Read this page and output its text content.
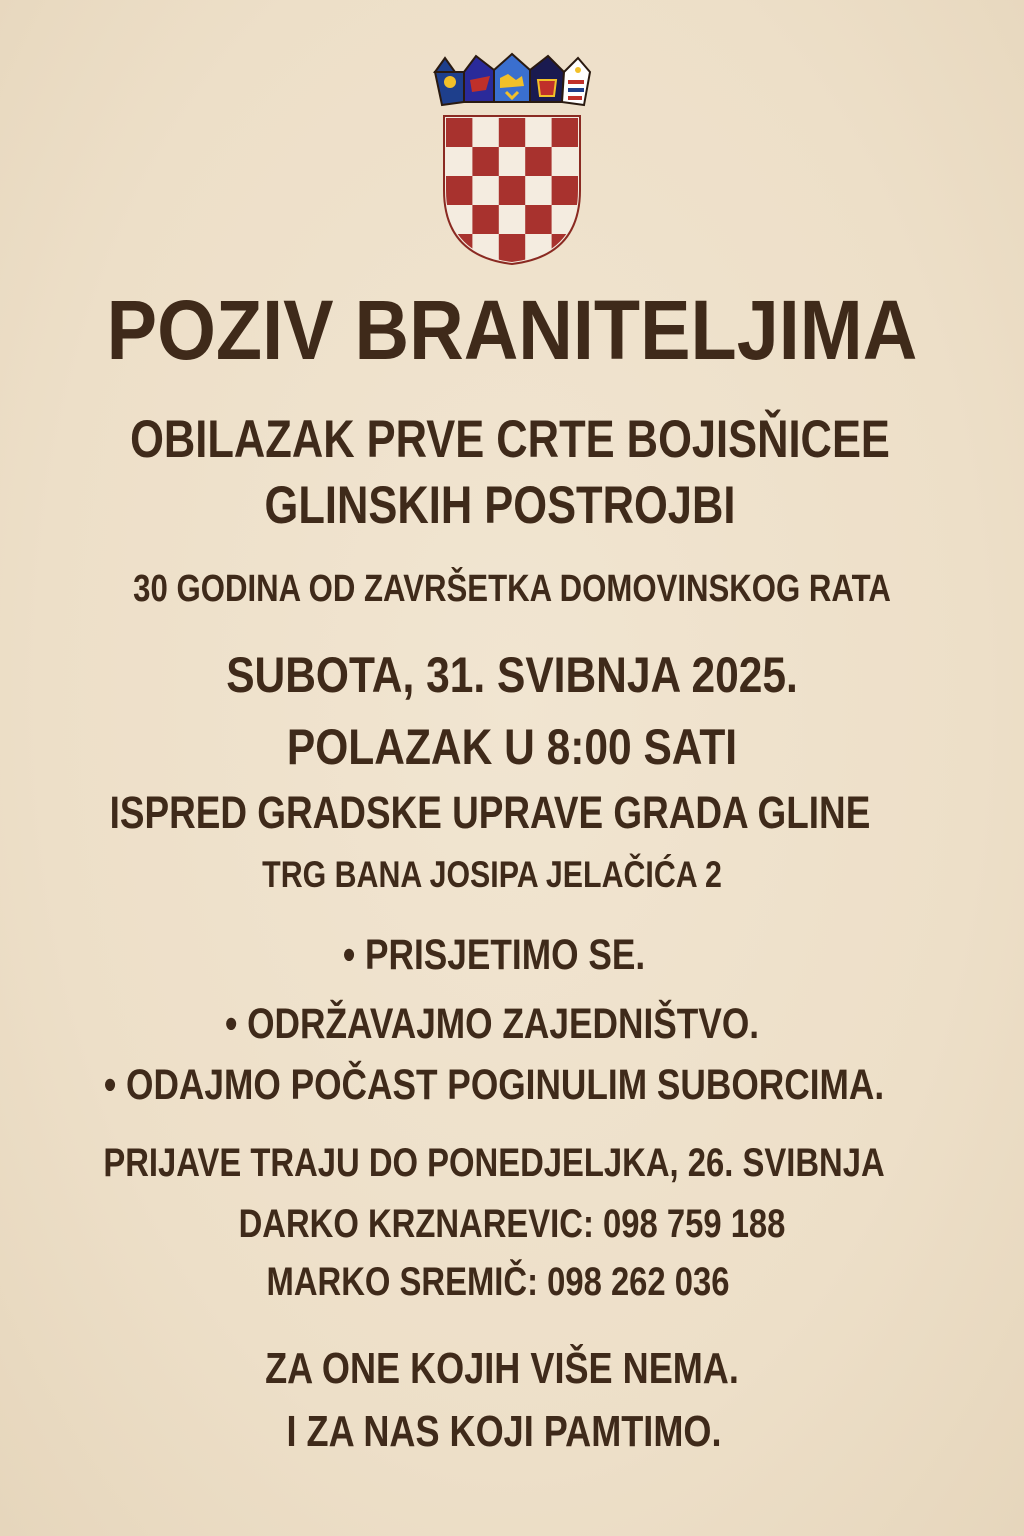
POZIV BRANITELJIMA
OBILAZAK PRVE CRTE BOJISŇICEE
GLINSKIH POSTROJBI
30 GODINA OD ZAVRŠETKA DOMOVINSKOG RATA
SUBOTA, 31. SVIBNJA 2025.
POLAZAK U 8:00 SATI
ISPRED GRADSKE UPRAVE GRADA GLINE
TRG BANA JOSIPA JELAČIĆA 2
• PRISJETIMO SE.
• ODRŽAVAJMO ZAJEDNIŠTVO.
• ODAJMO POČAST POGINULIM SUBORCIMA.
PRIJAVE TRAJU DO PONEDJELJKA, 26. SVIBNJA
DARKO KRZNAREVIC: 098 759 188
MARKO SREMIČ: 098 262 036
ZA ONE KOJIH VIŠE NEMA.
I ZA NAS KOJI PAMTIMO.
